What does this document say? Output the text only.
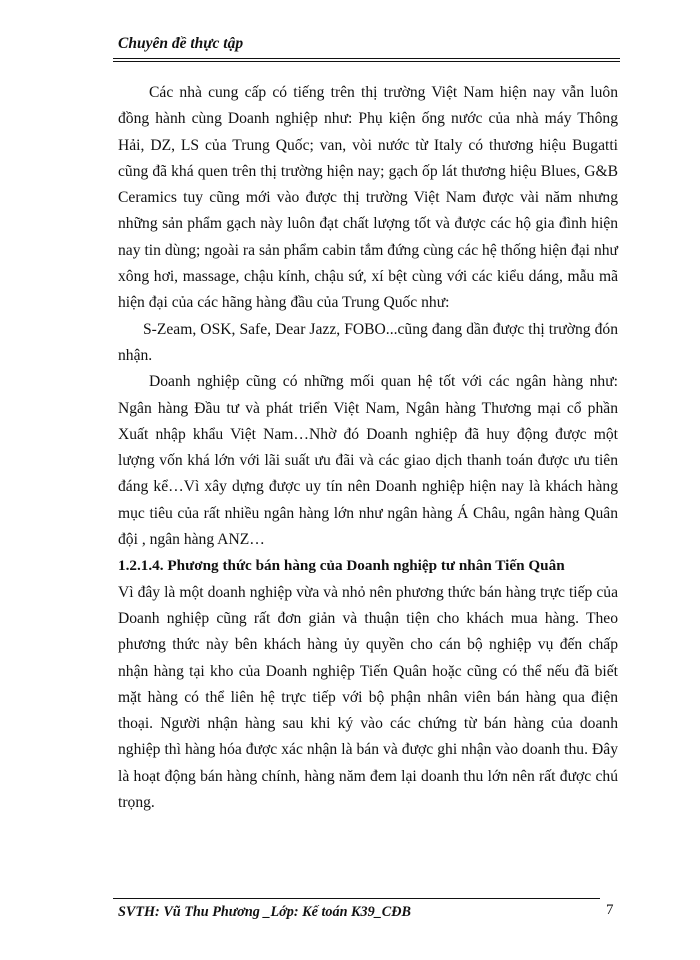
Chuyên đề thực tập

Các nhà cung cấp có tiếng trên thị trường Việt Nam hiện nay vẫn luôn đồng hành cùng Doanh nghiệp như: Phụ kiện ống nước của nhà máy Thông Hải, DZ, LS của Trung Quốc; van, vòi nước từ Italy có thương hiệu Bugatti cũng đã khá quen trên thị trường hiện nay; gạch ốp lát thương hiệu Blues, G&B Ceramics tuy cũng mới vào được thị trường Việt Nam được vài năm nhưng những sản phẩm gạch này luôn đạt chất lượng tốt và được các hộ gia đình hiện nay tin dùng; ngoài ra sản phẩm cabin tắm đứng cùng các hệ thống hiện đại như xông hơi, massage, chậu kính, chậu sứ, xí bệt cùng với các kiểu dáng, mẫu mã hiện đại của các hãng hàng đầu của Trung Quốc như:

S-Zeam, OSK, Safe, Dear Jazz, FOBO...cũng đang dần được thị trường đón nhận.

Doanh nghiệp cũng có những mối quan hệ tốt với các ngân hàng như: Ngân hàng Đầu tư và phát triển Việt Nam, Ngân hàng Thương mại cổ phần Xuất nhập khẩu Việt Nam…Nhờ đó Doanh nghiệp đã huy động được một lượng vốn khá lớn với lãi suất ưu đãi và các giao dịch thanh toán được ưu tiên đáng kể…Vì xây dựng được uy tín nên Doanh nghiệp hiện nay là khách hàng mục tiêu của rất nhiều ngân hàng lớn như ngân hàng Á Châu, ngân hàng Quân đội , ngân hàng ANZ…

1.2.1.4. Phương thức bán hàng của Doanh nghiệp tư nhân Tiến Quân

Vì đây là một doanh nghiệp vừa và nhỏ nên phương thức bán hàng trực tiếp của Doanh nghiệp cũng rất đơn giản và thuận tiện cho khách mua hàng. Theo phương thức này bên khách hàng ủy quyền cho cán bộ nghiệp vụ đến chấp nhận hàng tại kho của Doanh nghiệp Tiến Quân hoặc cũng có thể nếu đã biết mặt hàng có thể liên hệ trực tiếp với bộ phận nhân viên bán hàng qua điện thoại. Người nhận hàng sau khi ký vào các chứng từ bán hàng của doanh nghiệp thì hàng hóa được xác nhận là bán và được ghi nhận vào doanh thu. Đây là hoạt động bán hàng chính, hàng năm đem lại doanh thu lớn nên rất được chú trọng.

SVTH: Vũ Thu Phương _Lớp: Kế toán K39_CĐB	7
